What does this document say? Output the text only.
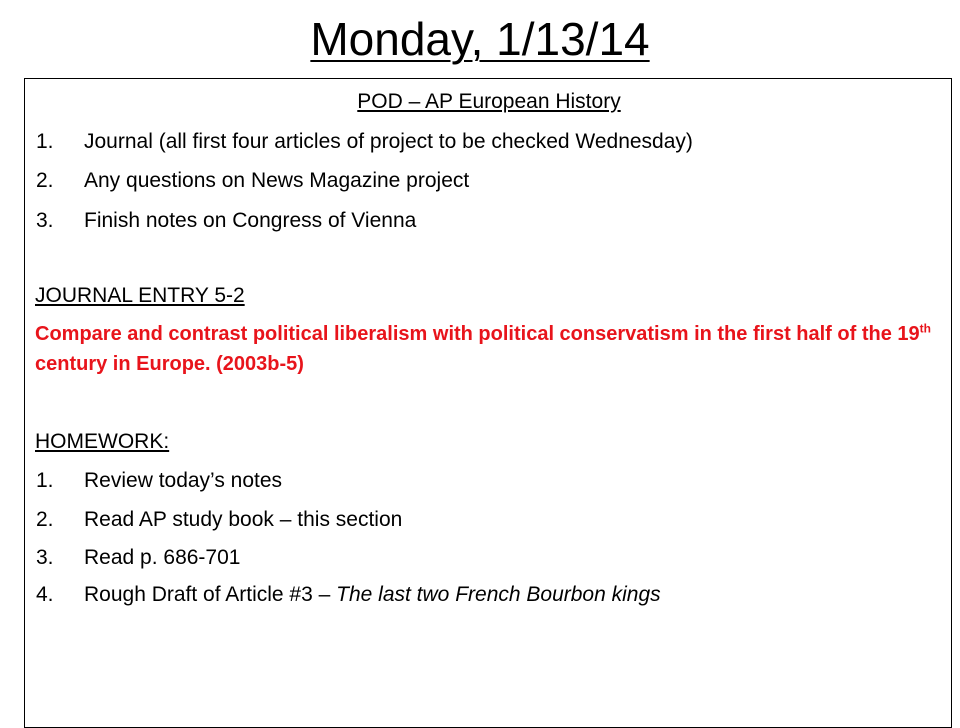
Monday, 1/13/14
POD – AP European History
1. Journal (all first four articles of project to be checked Wednesday)
2. Any questions on News Magazine project
3. Finish notes on Congress of Vienna
JOURNAL ENTRY 5-2
Compare and contrast political liberalism with political conservatism in the first half of the 19th century in Europe. (2003b-5)
HOMEWORK:
1. Review today’s notes
2. Read AP study book – this section
3. Read p. 686-701
4. Rough Draft of Article #3 – The last two French Bourbon kings
